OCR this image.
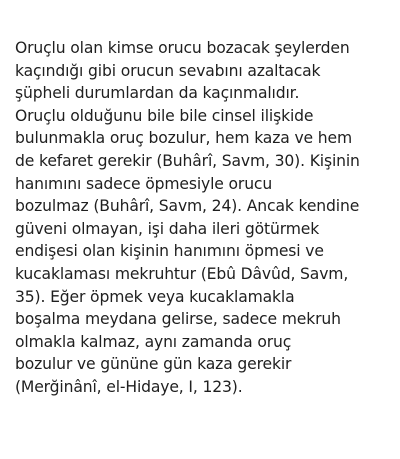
Oruçlu olan kimse orucu bozacak şeylerden
kaçındığı gibi orucun sevabını azaltacak
şüpheli durumlardan da kaçınmalıdır.
Oruçlu olduğunu bile bile cinsel ilişkide
bulunmakla oruç bozulur, hem kaza ve hem
de kefaret gerekir (Buhârî, Savm, 30). Kişinin
hanımını sadece öpmesiyle orucu
bozulmaz (Buhârî, Savm, 24). Ancak kendine
güveni olmayan, işi daha ileri götürmek
endişesi olan kişinin hanımını öpmesi ve
kucaklaması mekruhtur (Ebû Dâvûd, Savm,
35). Eğer öpmek veya kucaklamakla
boşalma meydana gelirse, sadece mekruh
olmakla kalmaz, aynı zamanda oruç
bozulur ve gününe gün kaza gerekir
(Merğinânî, el-Hidaye, I, 123).
